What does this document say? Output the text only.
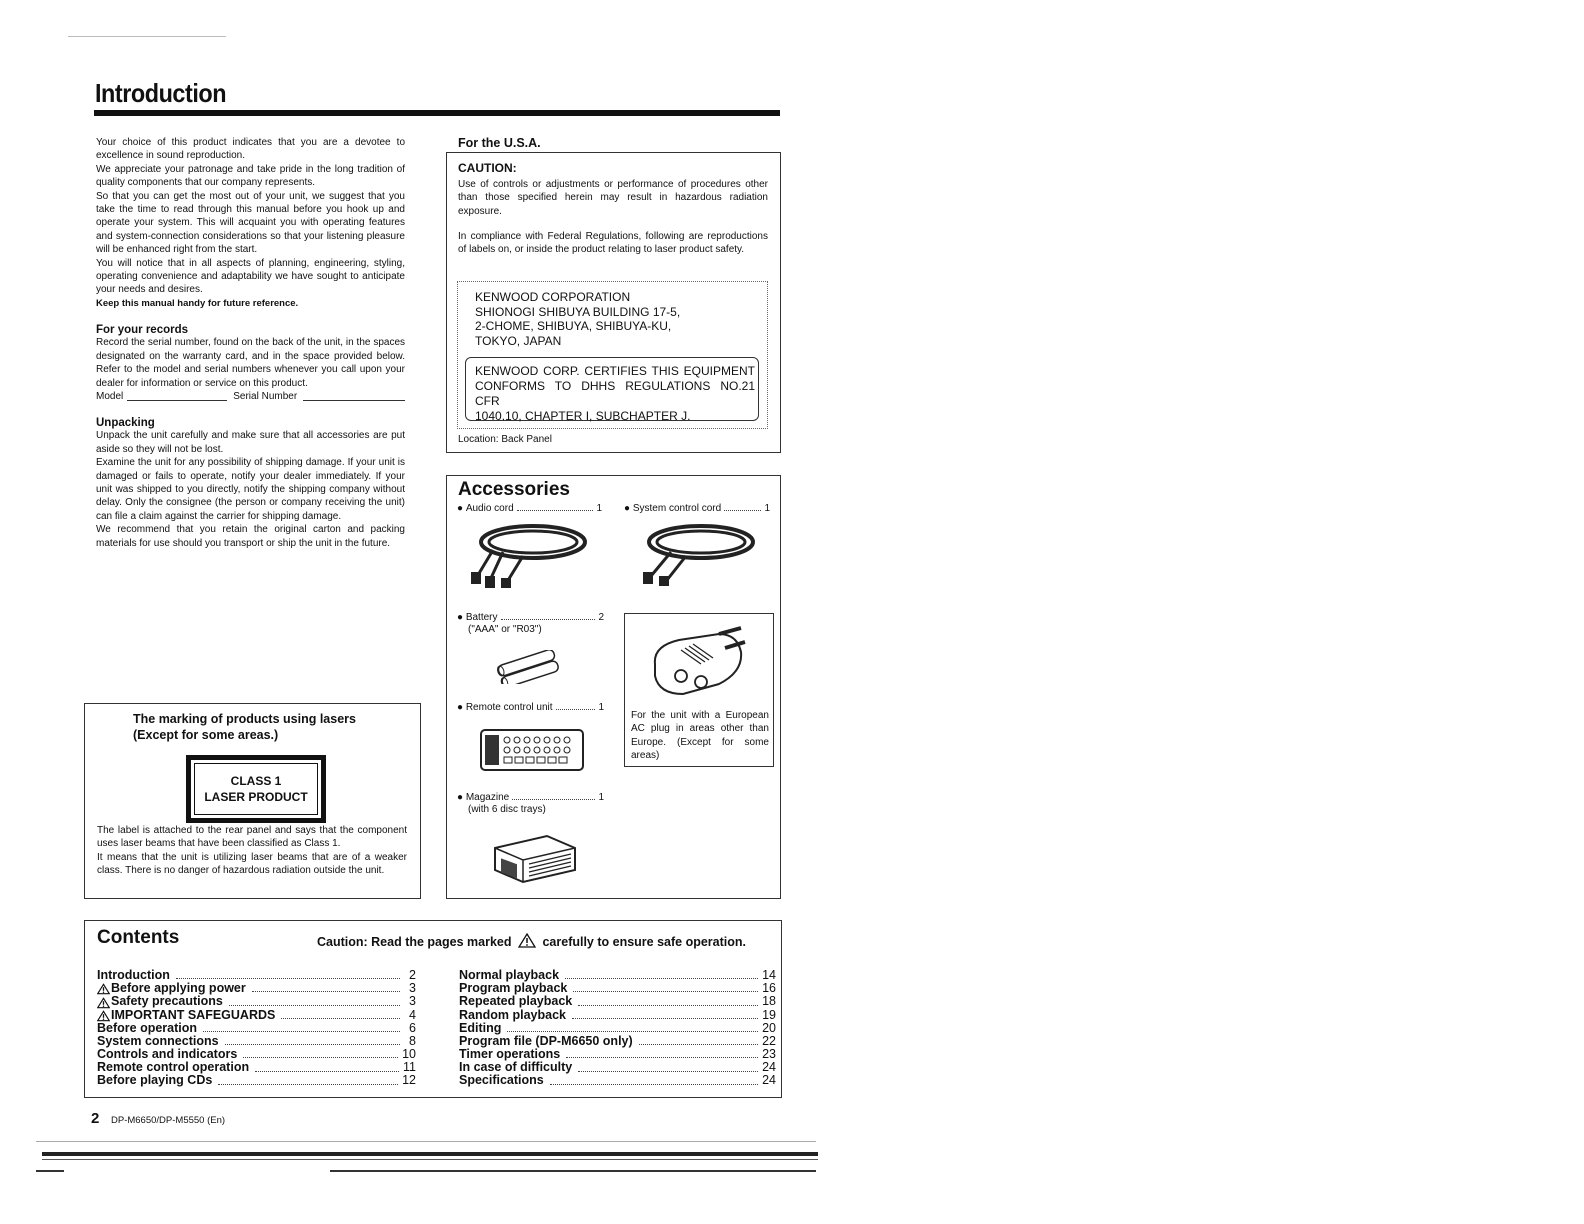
Introduction

Your choice of this product indicates that you are a devotee to excellence in sound reproduction.

We appreciate your patronage and take pride in the long tradition of quality components that our company represents.

So that you can get the most out of your unit, we suggest that you take the time to read through this manual before you hook up and operate your system. This will acquaint you with operating features and system-connection considerations so that your listening pleasure will be enhanced right from the start.

You will notice that in all aspects of planning, engineering, styling, operating convenience and adaptability we have sought to anticipate your needs and desires.

Keep this manual handy for future reference.

For your records
Record the serial number, found on the back of the unit, in the spaces designated on the warranty card, and in the space provided below. Refer to the model and serial numbers whenever you call upon your dealer for information or service on this product.
Model	Serial Number
Unpacking

Unpack the unit carefully and make sure that all accessories are put aside so they will not be lost.

Examine the unit for any possibility of shipping damage. If your unit is damaged or fails to operate, notify your dealer immediately. If your unit was shipped to you directly, notify the shipping company without delay. Only the consignee (the person or company receiving the unit) can file a claim against the carrier for shipping damage.

We recommend that you retain the original carton and packing materials for use should you transport or ship the unit in the future.

The marking of products using lasers
(Except for some areas.)
CLASS 1
LASER PRODUCT

The label is attached to the rear panel and says that the component uses laser beams that have been classified as Class 1.

It means that the unit is utilizing laser beams that are of a weaker class. There is no danger of hazardous radiation outside the unit.

For the U.S.A.
CAUTION:
Use of controls or adjustments or performance of procedures other than those specified herein may result in hazardous radiation exposure.
In compliance with Federal Regulations, following are reproductions of labels on, or inside the product relating to laser product safety.
KENWOOD CORPORATION
SHIONOGI SHIBUYA BUILDING 17-5,
2-CHOME, SHIBUYA, SHIBUYA-KU,
TOKYO, JAPAN
KENWOOD CORP. CERTIFIES THIS EQUIPMENT
CONFORMS TO DHHS REGULATIONS NO.21 CFR
1040.10, CHAPTER I, SUBCHAPTER J.
Location: Back Panel
Accessories
● Audio cord	1 ● System control cord	1
● Battery	2
("AAA" or "R03")
● Remote control unit	1
● Magazine	1
(with 6 disc trays)
For the unit with a European AC plug in areas other than Europe. (Except for some areas)
Contents	Caution: Read the pages marked carefully to ensure safe operation.
Introduction	2
Before applying power	3
Safety precautions	3
IMPORTANT SAFEGUARDS	4
Before operation	6
System connections	8
Controls and indicators	10
Remote control operation	11
Before playing CDs	12
Normal playback	14
Program playback	16
Repeated playback	18
Random playback	19
Editing	20
Program file (DP-M6650 only)	22
Timer operations	23
In case of difficulty	24
Specifications	24
2 DP-M6650/DP-M5550 (En)
